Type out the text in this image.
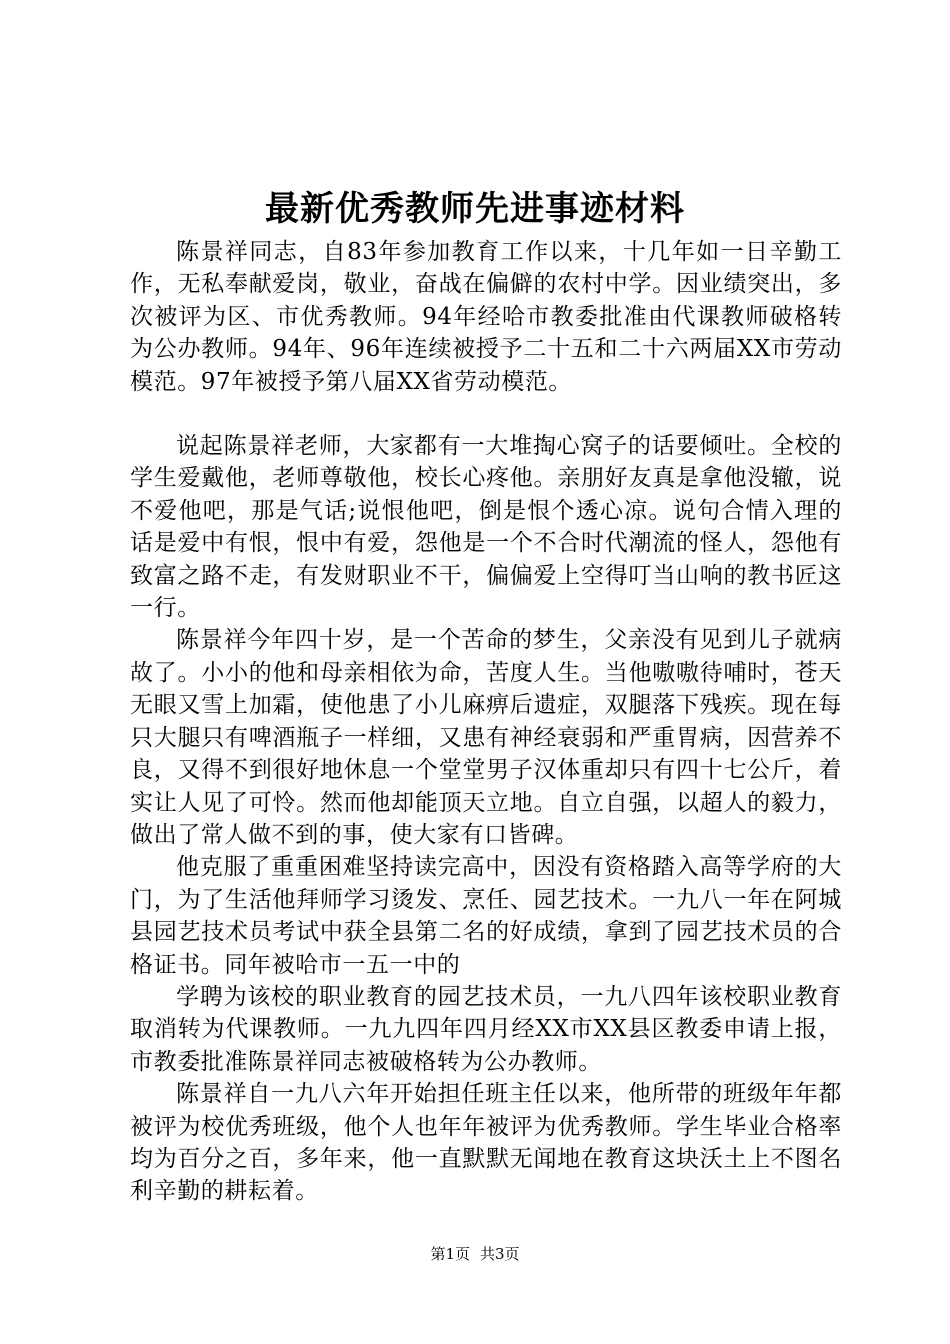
最新优秀教师先进事迹材料

陈景祥同志，自83年参加教育工作以来，十几年如一日辛勤工作，无私奉献爱岗，敬业，奋战在偏僻的农村中学。因业绩突出，多次被评为区、市优秀教师。94年经哈市教委批准由代课教师破格转为公办教师。94年、96年连续被授予二十五和二十六两届XX市劳动模范。97年被授予第八届XX省劳动模范。

说起陈景祥老师，大家都有一大堆掏心窝子的话要倾吐。全校的学生爱戴他，老师尊敬他，校长心疼他。亲朋好友真是拿他没辙，说不爱他吧，那是气话;说恨他吧，倒是恨个透心凉。说句合情入理的话是爱中有恨，恨中有爱，怨他是一个不合时代潮流的怪人，怨他有致富之路不走，有发财职业不干，偏偏爱上空得叮当山响的教书匠这一行。

陈景祥今年四十岁，是一个苦命的梦生，父亲没有见到儿子就病故了。小小的他和母亲相依为命，苦度人生。当他嗷嗷待哺时，苍天无眼又雪上加霜，使他患了小儿麻痹后遗症，双腿落下残疾。现在每只大腿只有啤酒瓶子一样细，又患有神经衰弱和严重胃病，因营养不良，又得不到很好地休息一个堂堂男子汉体重却只有四十七公斤，着实让人见了可怜。然而他却能顶天立地。自立自强，以超人的毅力，做出了常人做不到的事，使大家有口皆碑。

他克服了重重困难坚持读完高中，因没有资格踏入高等学府的大门，为了生活他拜师学习烫发、烹任、园艺技术。一九八一年在阿城县园艺技术员考试中获全县第二名的好成绩，拿到了园艺技术员的合格证书。同年被哈市一五一中的

学聘为该校的职业教育的园艺技术员，一九八四年该校职业教育取消转为代课教师。一九九四年四月经XX市XX县区教委申请上报，市教委批准陈景祥同志被破格转为公办教师。

陈景祥自一九八六年开始担任班主任以来，他所带的班级年年都被评为校优秀班级，他个人也年年被评为优秀教师。学生毕业合格率均为百分之百，多年来，他一直默默无闻地在教育这块沃土上不图名利辛勤的耕耘着。

第1页 共3页
